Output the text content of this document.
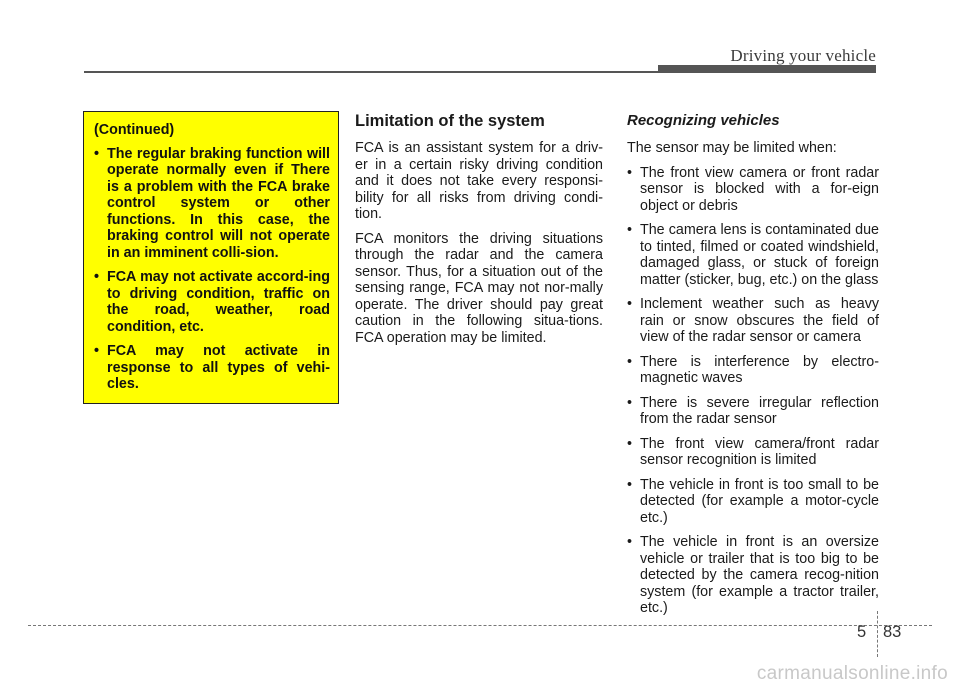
Driving your vehicle
(Continued)
• The regular braking function will operate normally even if There is a problem with the FCA brake control system or other functions. In this case, the braking control will not operate in an imminent colli-sion.
• FCA may not activate accord-ing to driving condition, traffic on the road, weather, road condition, etc.
• FCA may not activate in response to all types of vehi-cles.
Limitation of the system

FCA is an assistant system for a driv-er in a certain risky driving condition and it does not take every responsi-bility for all risks from driving condi-tion.

FCA monitors the driving situations through the radar and the camera sensor. Thus, for a situation out of the sensing range, FCA may not nor-mally operate. The driver should pay great caution in the following situa-tions. FCA operation may be limited.

Recognizing vehicles

The sensor may be limited when:

• The front view camera or front radar sensor is blocked with a for-eign object or debris
• The camera lens is contaminated due to tinted, filmed or coated windshield, damaged glass, or stuck of foreign matter (sticker, bug, etc.) on the glass
• Inclement weather such as heavy rain or snow obscures the field of view of the radar sensor or camera
• There is interference by electro-magnetic waves
• There is severe irregular reflection from the radar sensor
• The front view camera/front radar sensor recognition is limited
• The vehicle in front is too small to be detected (for example a motor-cycle etc.)
• The vehicle in front is an oversize vehicle or trailer that is too big to be detected by the camera recog-nition system (for example a tractor trailer, etc.)
5 83
carmanualsonline.info
